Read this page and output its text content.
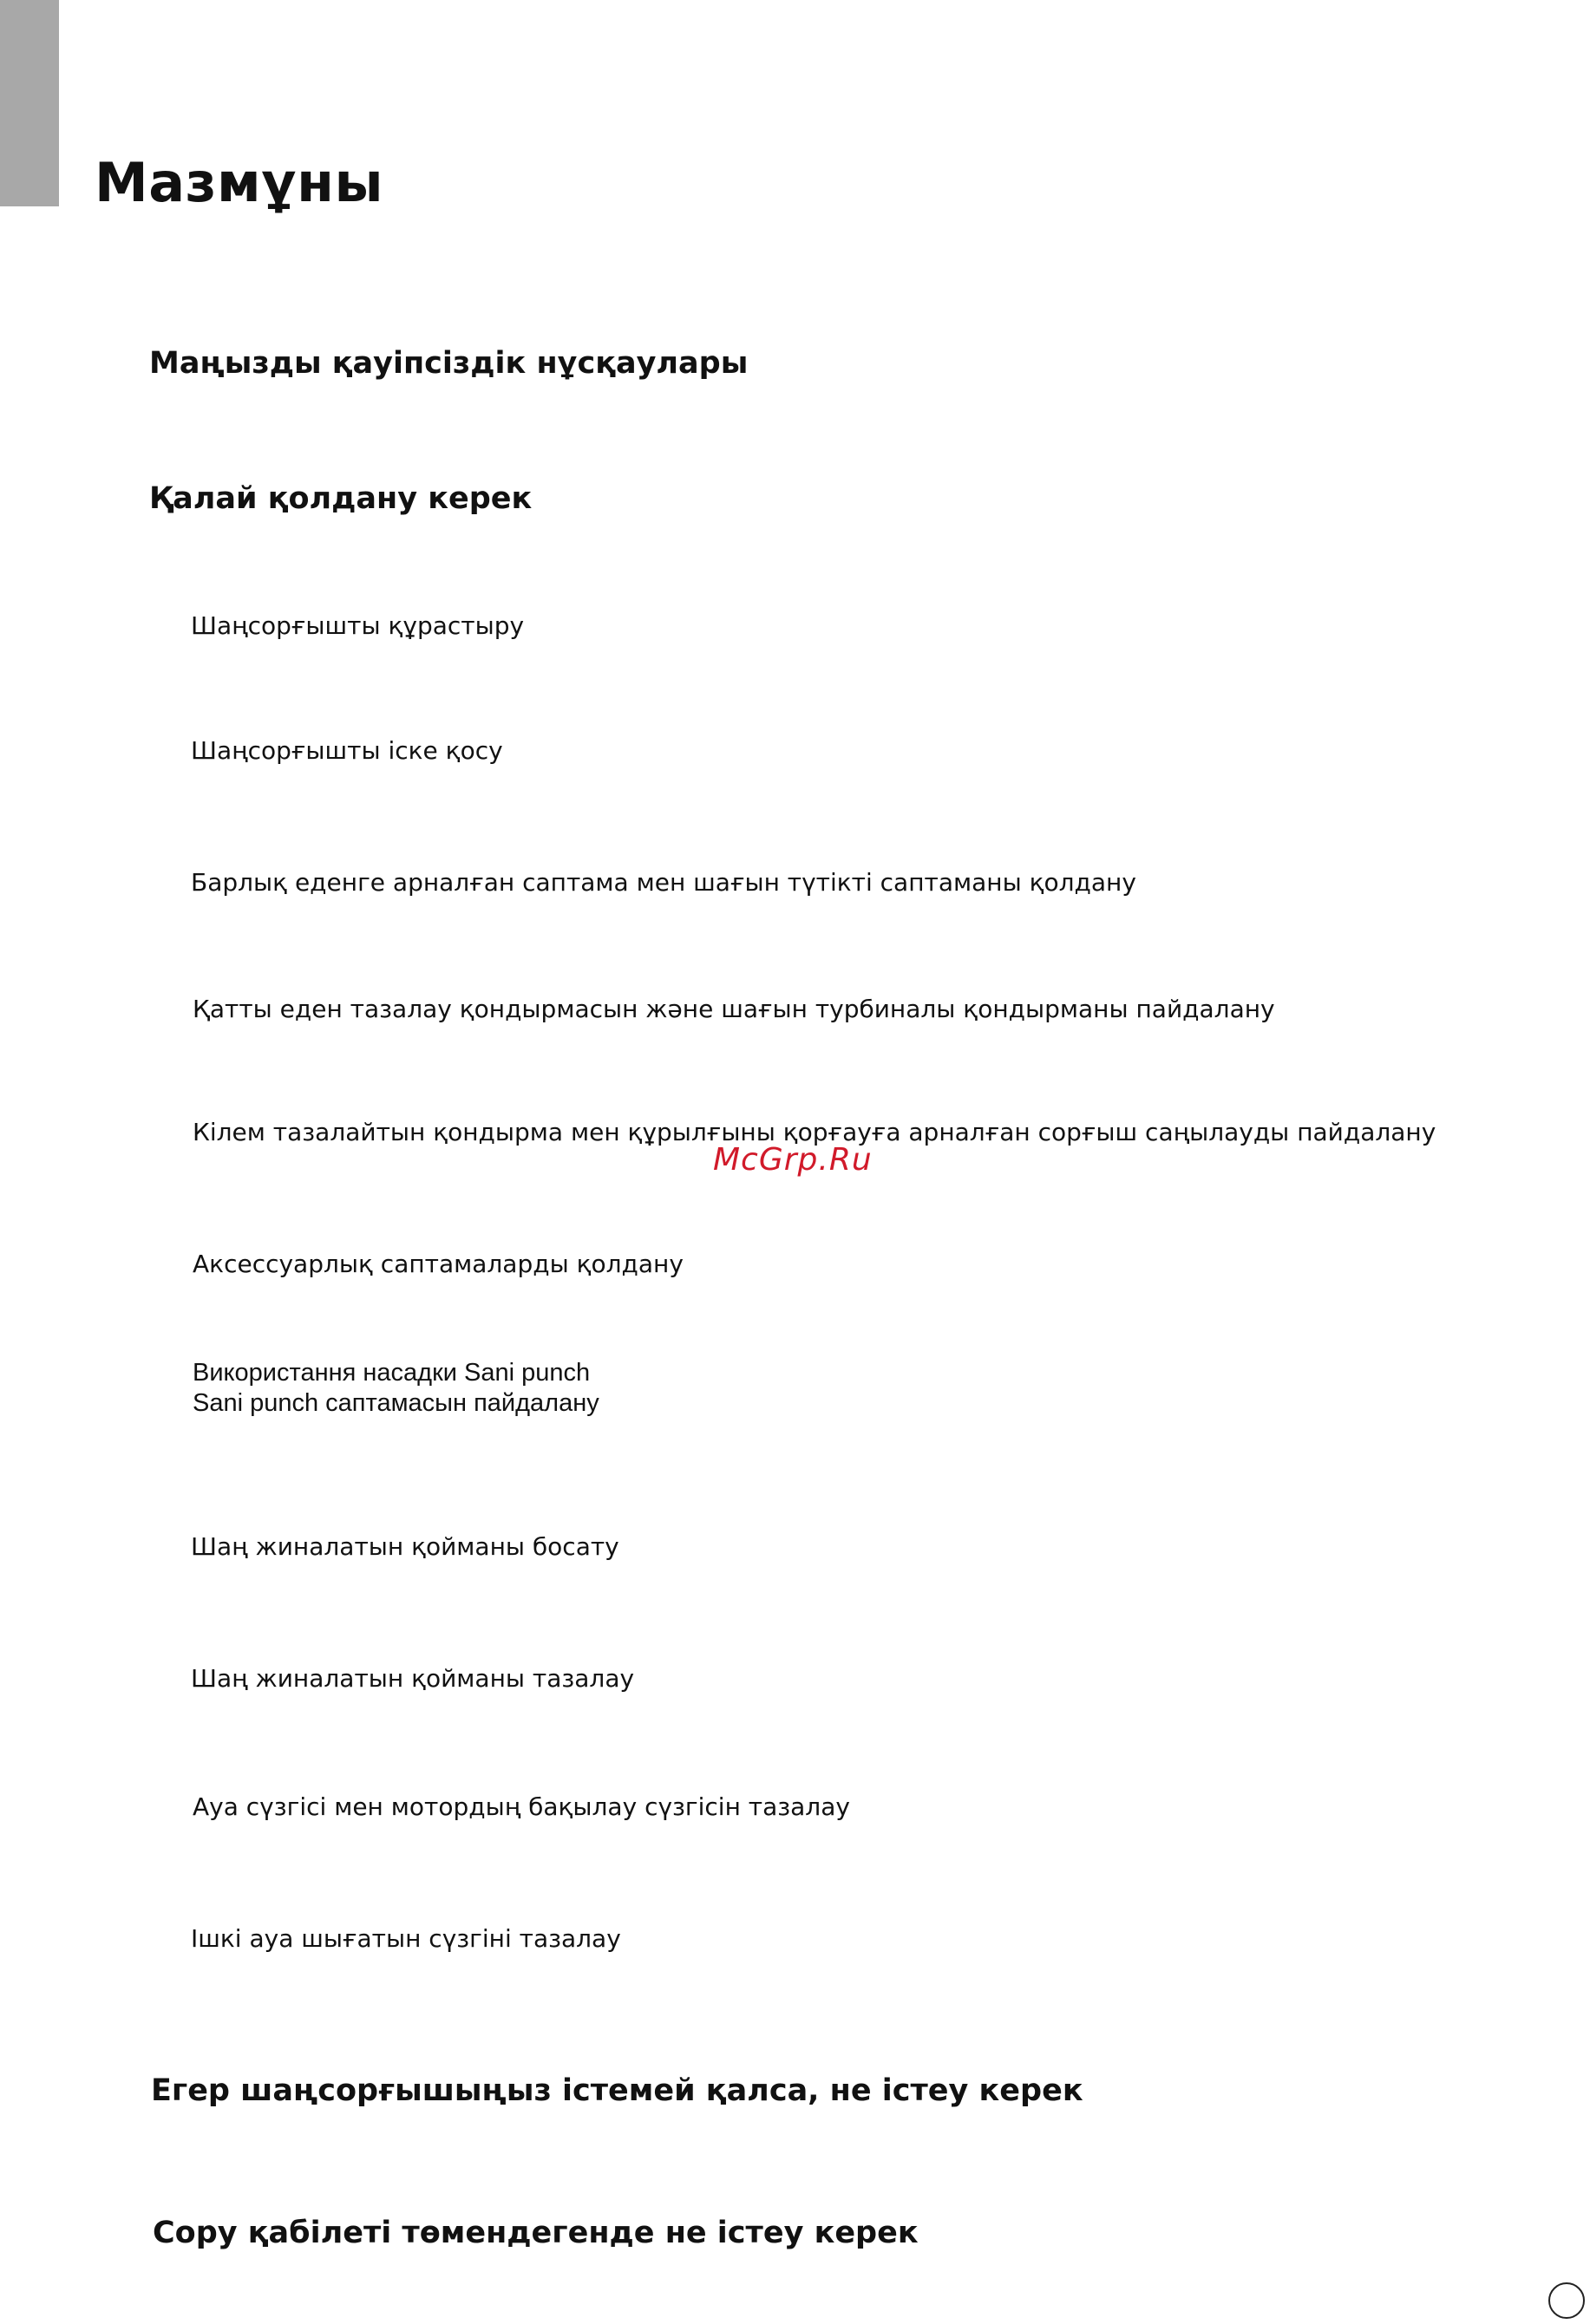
Мазмұны
Маңызды қауіпсіздік нұсқаулары
Қалай қолдану керек
Шаңсорғышты құрастыру
Шаңсорғышты іске қосу
Барлық еденге арналған саптама мен шағын түтікті саптаманы қолдану
Қатты еден тазалау қондырмасын және шағын турбиналы қондырманы пайдалану
Кілем тазалайтын қондырма мен құрылғыны қорғауға арналған сорғыш саңылауды пайдалану
McGrp.Ru
Аксессуарлық саптамаларды қолдану
Використання насадки Sani punch
Sani punch саптамасын пайдалану
Шаң жиналатын қойманы босату
Шаң жиналатын қойманы тазалау
Ауа сүзгісі мен мотордың бақылау сүзгісін тазалау
Ішкі ауа шығатын сүзгіні тазалау
Егер шаңсорғышыңыз істемей қалса, не істеу керек
Сору қабілеті төмендегенде не істеу керек
